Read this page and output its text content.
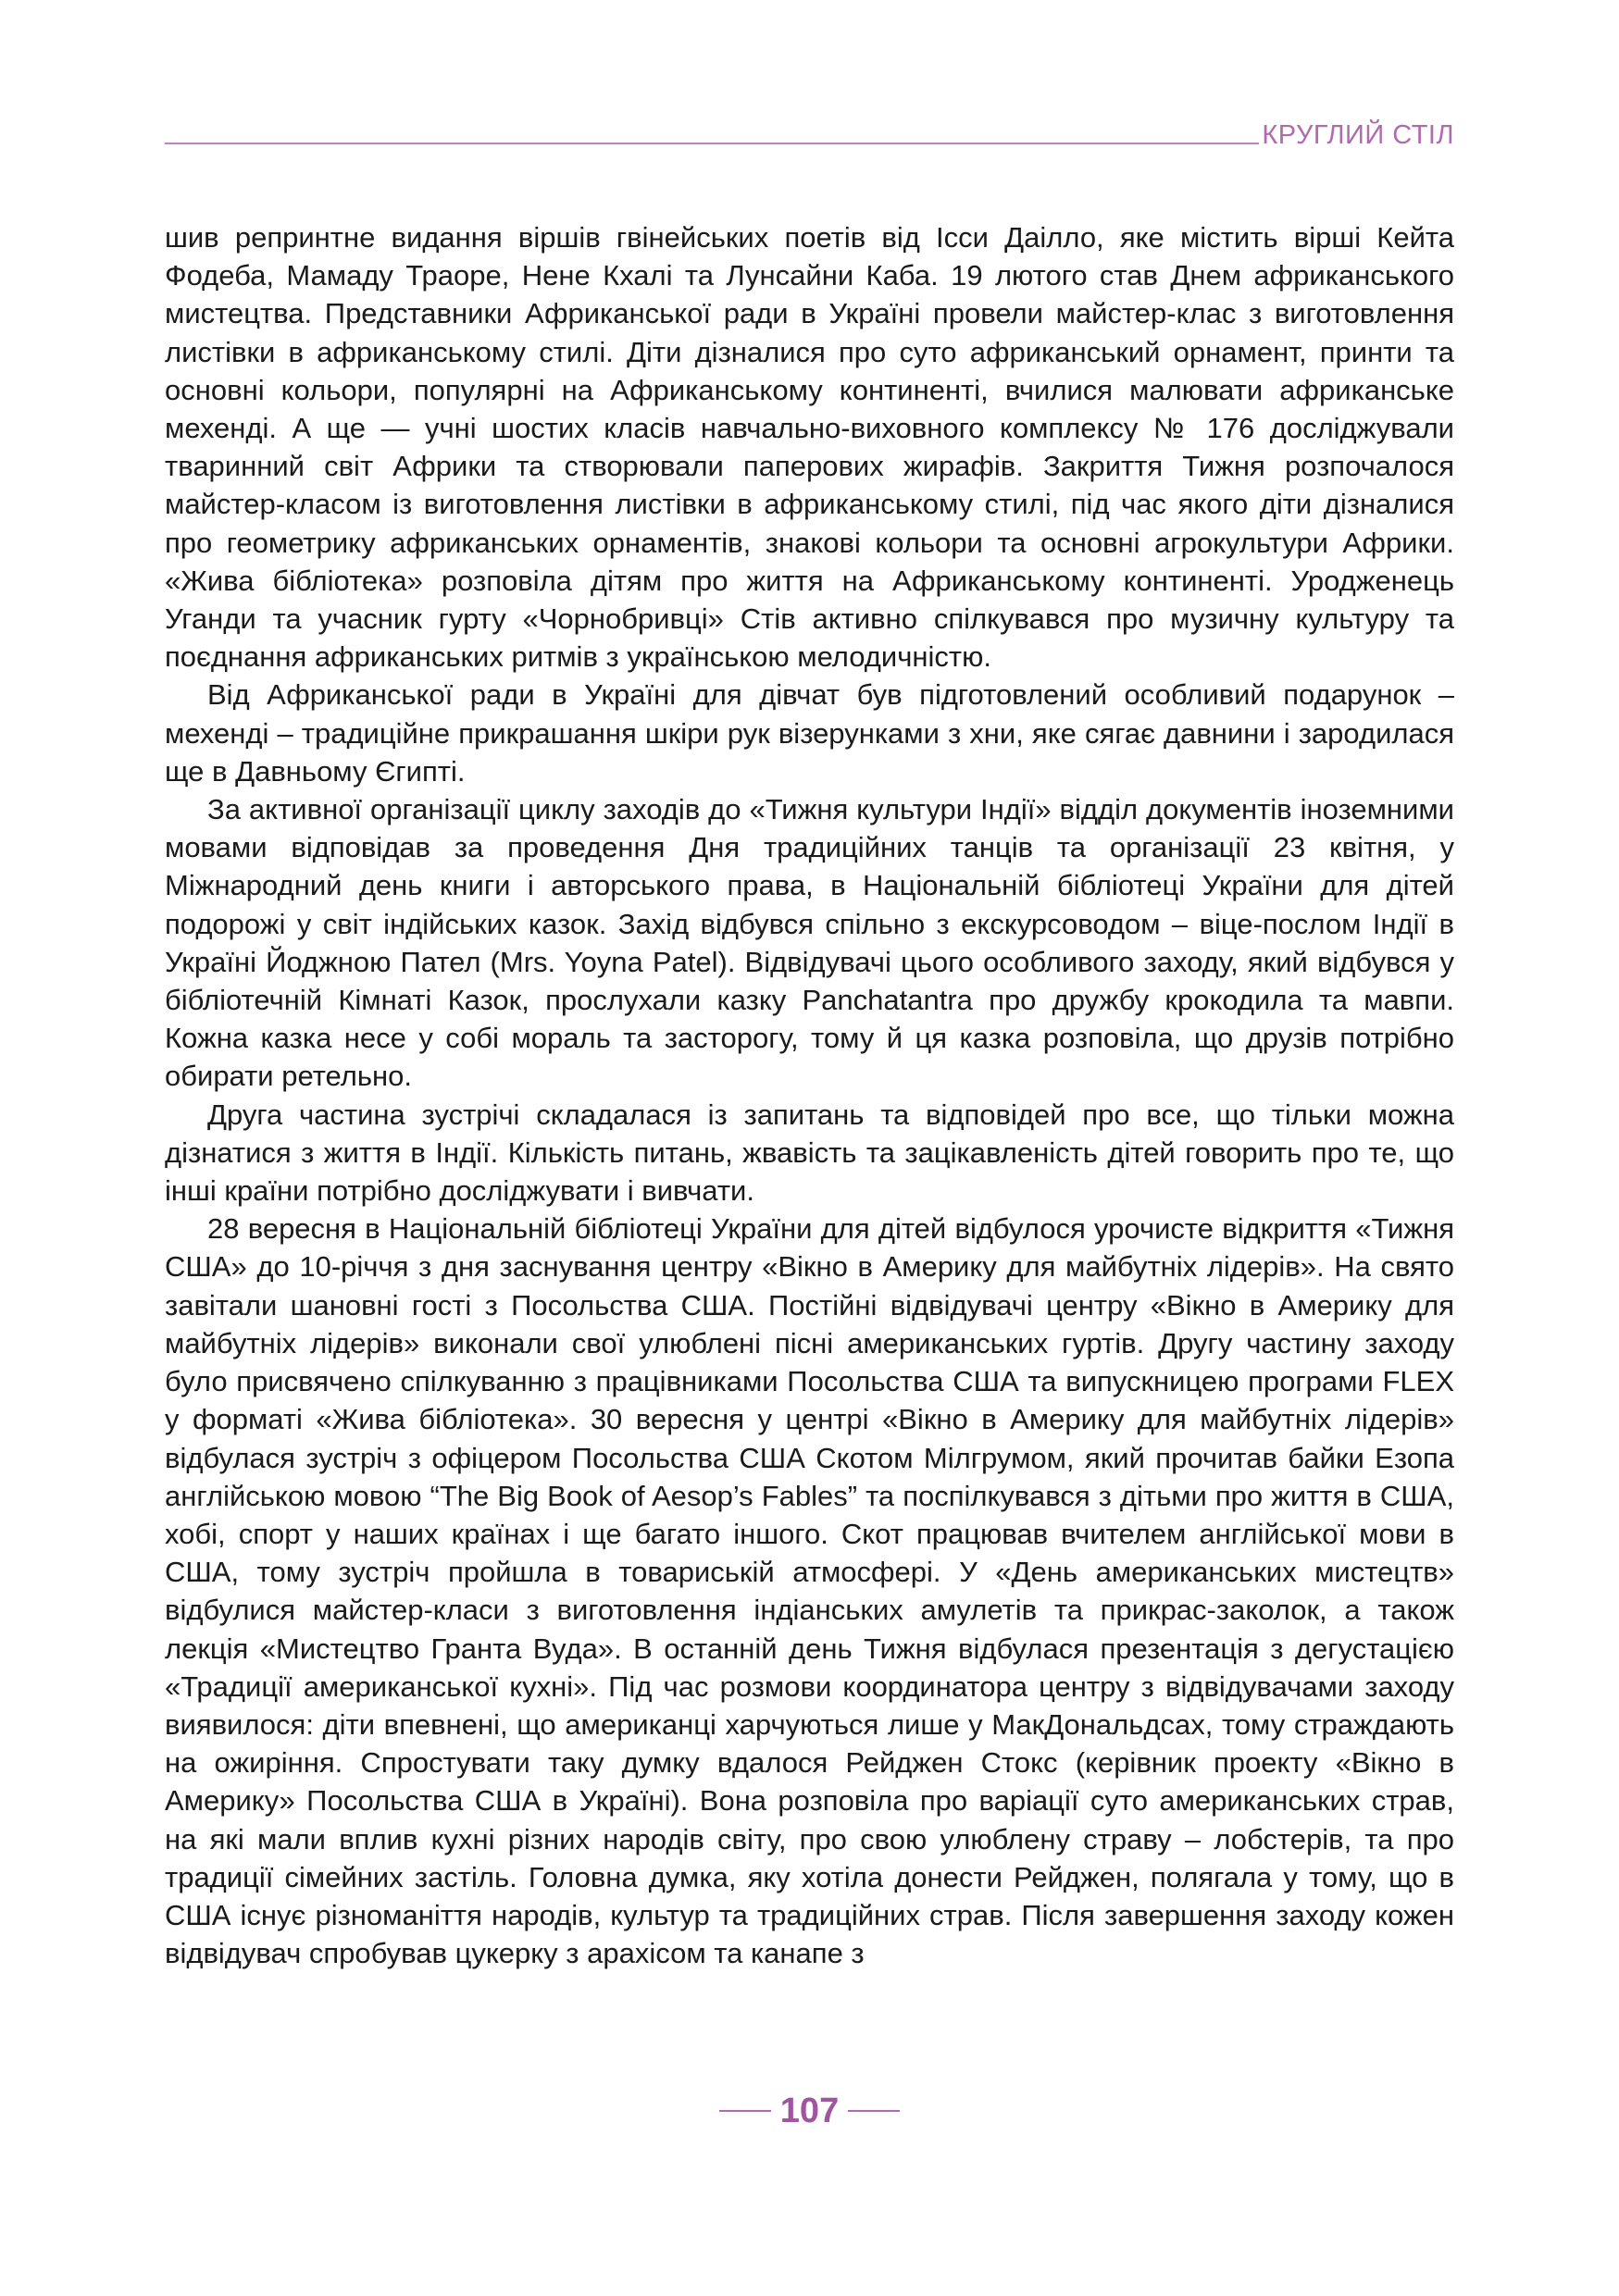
КРУГЛИЙ СТІЛ

шив репринтне видання віршів гвінейських поетів від Ісси Даілло, яке містить вірші Кейта Фодеба, Мамаду Траоре, Нене Кхалі та Лунсайни Каба. 19 лютого став Днем африканського мистецтва. Представники Африканської ради в Україні провели майстер-клас з виготовлення листівки в африканському стилі. Діти дізналися про суто африканський орнамент, принти та основні кольори, популярні на Африканському континенті, вчилися малювати африканське мехенді. А ще — учні шостих класів навчально-виховного комплексу № 176 досліджували тваринний світ Африки та створювали паперових жирафів. Закриття Тижня розпочалося майстер-класом із виготовлення листівки в африканському стилі, під час якого діти дізналися про геометрику африканських орнаментів, знакові кольори та основні агрокультури Африки. «Жива бібліотека» розповіла дітям про життя на Африканському континенті. Уродженець Уганди та учасник гурту «Чорнобривці» Стів активно спілкувався про музичну культуру та поєднання африканських ритмів з українською мелодичністю.

Від Африканської ради в Україні для дівчат був підготовлений особливий подарунок – мехенді – традиційне прикрашання шкіри рук візерунками з хни, яке сягає давнини і зародилася ще в Давньому Єгипті.

За активної організації циклу заходів до «Тижня культури Індії» відділ документів іноземними мовами відповідав за проведення Дня традиційних танців та організації 23 квітня, у Міжнародний день книги і авторського права, в Національній бібліотеці України для дітей подорожі у світ індійських казок. Захід відбувся спільно з екскурсоводом – віце-послом Індії в Україні Йоджною Пател (Mrs. Yoyna Patel). Відвідувачі цього особливого заходу, який відбувся у бібліотечній Кімнаті Казок, прослухали казку Panchatantra про дружбу крокодила та мавпи. Кожна казка несе у собі мораль та засторогу, тому й ця казка розповіла, що друзів потрібно обирати ретельно.

Друга частина зустрічі складалася із запитань та відповідей про все, що тільки можна дізнатися з життя в Індії. Кількість питань, жвавість та зацікавленість дітей говорить про те, що інші країни потрібно досліджувати і вивчати.

28 вересня в Національній бібліотеці України для дітей відбулося урочисте відкриття «Тижня США» до 10-річчя з дня заснування центру «Вікно в Америку для майбутніх лідерів». На свято завітали шановні гості з Посольства США. Постійні відвідувачі центру «Вікно в Америку для майбутніх лідерів» виконали свої улюблені пісні американських гуртів. Другу частину заходу було присвячено спілкуванню з працівниками Посольства США та випускницею програми FLEX у форматі «Жива бібліотека». 30 вересня у центрі «Вікно в Америку для майбутніх лідерів» відбулася зустріч з офіцером Посольства США Скотом Мілгрумом, який прочитав байки Езопа англійською мовою “The Big Book of Aesop’s Fables” та поспілкувався з дітьми про життя в США, хобі, спорт у наших країнах і ще багато іншого. Скот працював вчителем англійської мови в США, тому зустріч пройшла в товариській атмосфері. У «День американських мистецтв» відбулися майстер-класи з виготовлення індіанських амулетів та прикрас-заколок, а також лекція «Мистецтво Гранта Вуда». В останній день Тижня відбулася презентація з дегустацією «Традиції американської кухні». Під час розмови координатора центру з відвідувачами заходу виявилося: діти впевнені, що американці харчуються лише у МакДональдсах, тому страждають на ожиріння. Спростувати таку думку вдалося Рейджен Стокс (керівник проекту «Вікно в Америку» Посольства США в Україні). Вона розповіла про варіації суто американських страв, на які мали вплив кухні різних народів світу, про свою улюблену страву – лобстерів, та про традиції сімейних застіль. Головна думка, яку хотіла донести Рейджен, полягала у тому, що в США існує різноманіття народів, культур та традиційних страв. Після завершення заходу кожен відвідувач спробував цукерку з арахісом та канапе з

107
